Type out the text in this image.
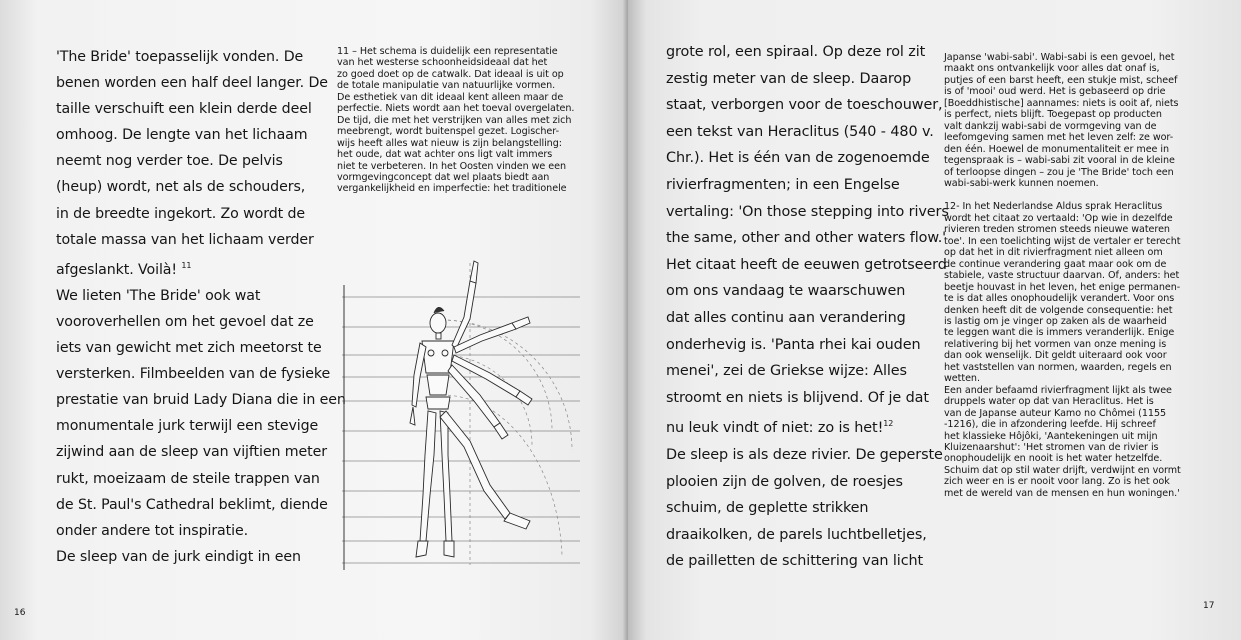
'The Bride' toepasselijk vonden. De

benen worden een half deel langer. De

taille verschuift een klein derde deel

omhoog. De lengte van het lichaam

neemt nog verder toe. De pelvis

(heup) wordt, net als de schouders,

in de breedte ingekort. Zo wordt de

totale massa van het lichaam verder

afgeslankt. Voilà! $^{11}$

We lieten 'The Bride' ook wat

vooroverhellen om het gevoel dat ze

iets van gewicht met zich meetorst te

versterken. Filmbeelden van de fysieke

prestatie van bruid Lady Diana die in een

monumentale jurk terwijl een stevige

zijwind aan de sleep van vijftien meter

rukt, moeizaam de steile trappen van

de St. Paul's Cathedral beklimt, diende

onder andere tot inspiratie.

De sleep van de jurk eindigt in een

11 – Het schema is duidelijk een representatie

van het westerse schoonheidsideaal dat het

zo goed doet op de catwalk. Dat ideaal is uit op

de totale manipulatie van natuurlijke vormen.

De esthetiek van dit ideaal kent alleen maar de

perfectie. Niets wordt aan het toeval overgelaten.

De tijd, die met het verstrijken van alles met zich

meebrengt, wordt buitenspel gezet. Logischer-

wijs heeft alles wat nieuw is zijn belangstelling:

het oude, dat wat achter ons ligt valt immers

niet te verbeteren. In het Oosten vinden we een

vormgevingconcept dat wel plaats biedt aan

vergankelijkheid en imperfectie: het traditionele

16

grote rol, een spiraal. Op deze rol zit

zestig meter van de sleep. Daarop

staat, verborgen voor de toeschouwer,

een tekst van Heraclitus (540 - 480 v.

Chr.). Het is één van de zogenoemde

rivierfragmenten; in een Engelse

vertaling: 'On those stepping into rivers

the same, other and other waters flow.'

Het citaat heeft de eeuwen getrotseerd

om ons vandaag te waarschuwen

dat alles continu aan verandering

onderhevig is. 'Panta rhei kai ouden

menei', zei de Griekse wijze: Alles

stroomt en niets is blijvend. Of je dat

nu leuk vindt of niet: zo is het!$^{12}$

De sleep is als deze rivier. De geperste

plooien zijn de golven, de roesjes

schuim, de geplette strikken

draaikolken, de parels luchtbelletjes,

de pailletten de schittering van licht

Japanse 'wabi-sabi'. Wabi-sabi is een gevoel, het

maakt ons ontvankelijk voor alles dat onaf is,

putjes of een barst heeft, een stukje mist, scheef

is of 'mooi' oud werd. Het is gebaseerd op drie

[Boeddhistische] aannames: niets is ooit af, niets

is perfect, niets blijft. Toegepast op producten

valt dankzij wabi-sabi de vormgeving van de

leefomgeving samen met het leven zelf: ze wor-

den één. Hoewel de monumentaliteit er mee in

tegenspraak is – wabi-sabi zit vooral in de kleine

of terloopse dingen – zou je 'The Bride' toch een

wabi-sabi-werk kunnen noemen.

12- In het Nederlandse Aldus sprak Heraclitus

wordt het citaat zo vertaald: 'Op wie in dezelfde

rivieren treden stromen steeds nieuwe wateren

toe'. In een toelichting wijst de vertaler er terecht

op dat het in dit rivierfragment niet alleen om

de continue verandering gaat maar ook om de

stabiele, vaste structuur daarvan. Of, anders: het

beetje houvast in het leven, het enige permanen-

te is dat alles onophoudelijk verandert. Voor ons

denken heeft dit de volgende consequentie: het

is lastig om je vinger op zaken als de waarheid

te leggen want die is immers veranderlijk. Enige

relativering bij het vormen van onze mening is

dan ook wenselijk. Dit geldt uiteraard ook voor

het vaststellen van normen, waarden, regels en

wetten.

Een ander befaamd rivierfragment lijkt als twee

druppels water op dat van Heraclitus. Het is

van de Japanse auteur Kamo no Chômei (1155

-1216), die in afzondering leefde. Hij schreef

het klassieke Hôjôki, 'Aantekeningen uit mijn

Kluizenaarshut': 'Het stromen van de rivier is

onophoudelijk en nooit is het water hetzelfde.

Schuim dat op stil water drijft, verdwijnt en vormt

zich weer en is er nooit voor lang. Zo is het ook

met de wereld van de mensen en hun woningen.'

17
